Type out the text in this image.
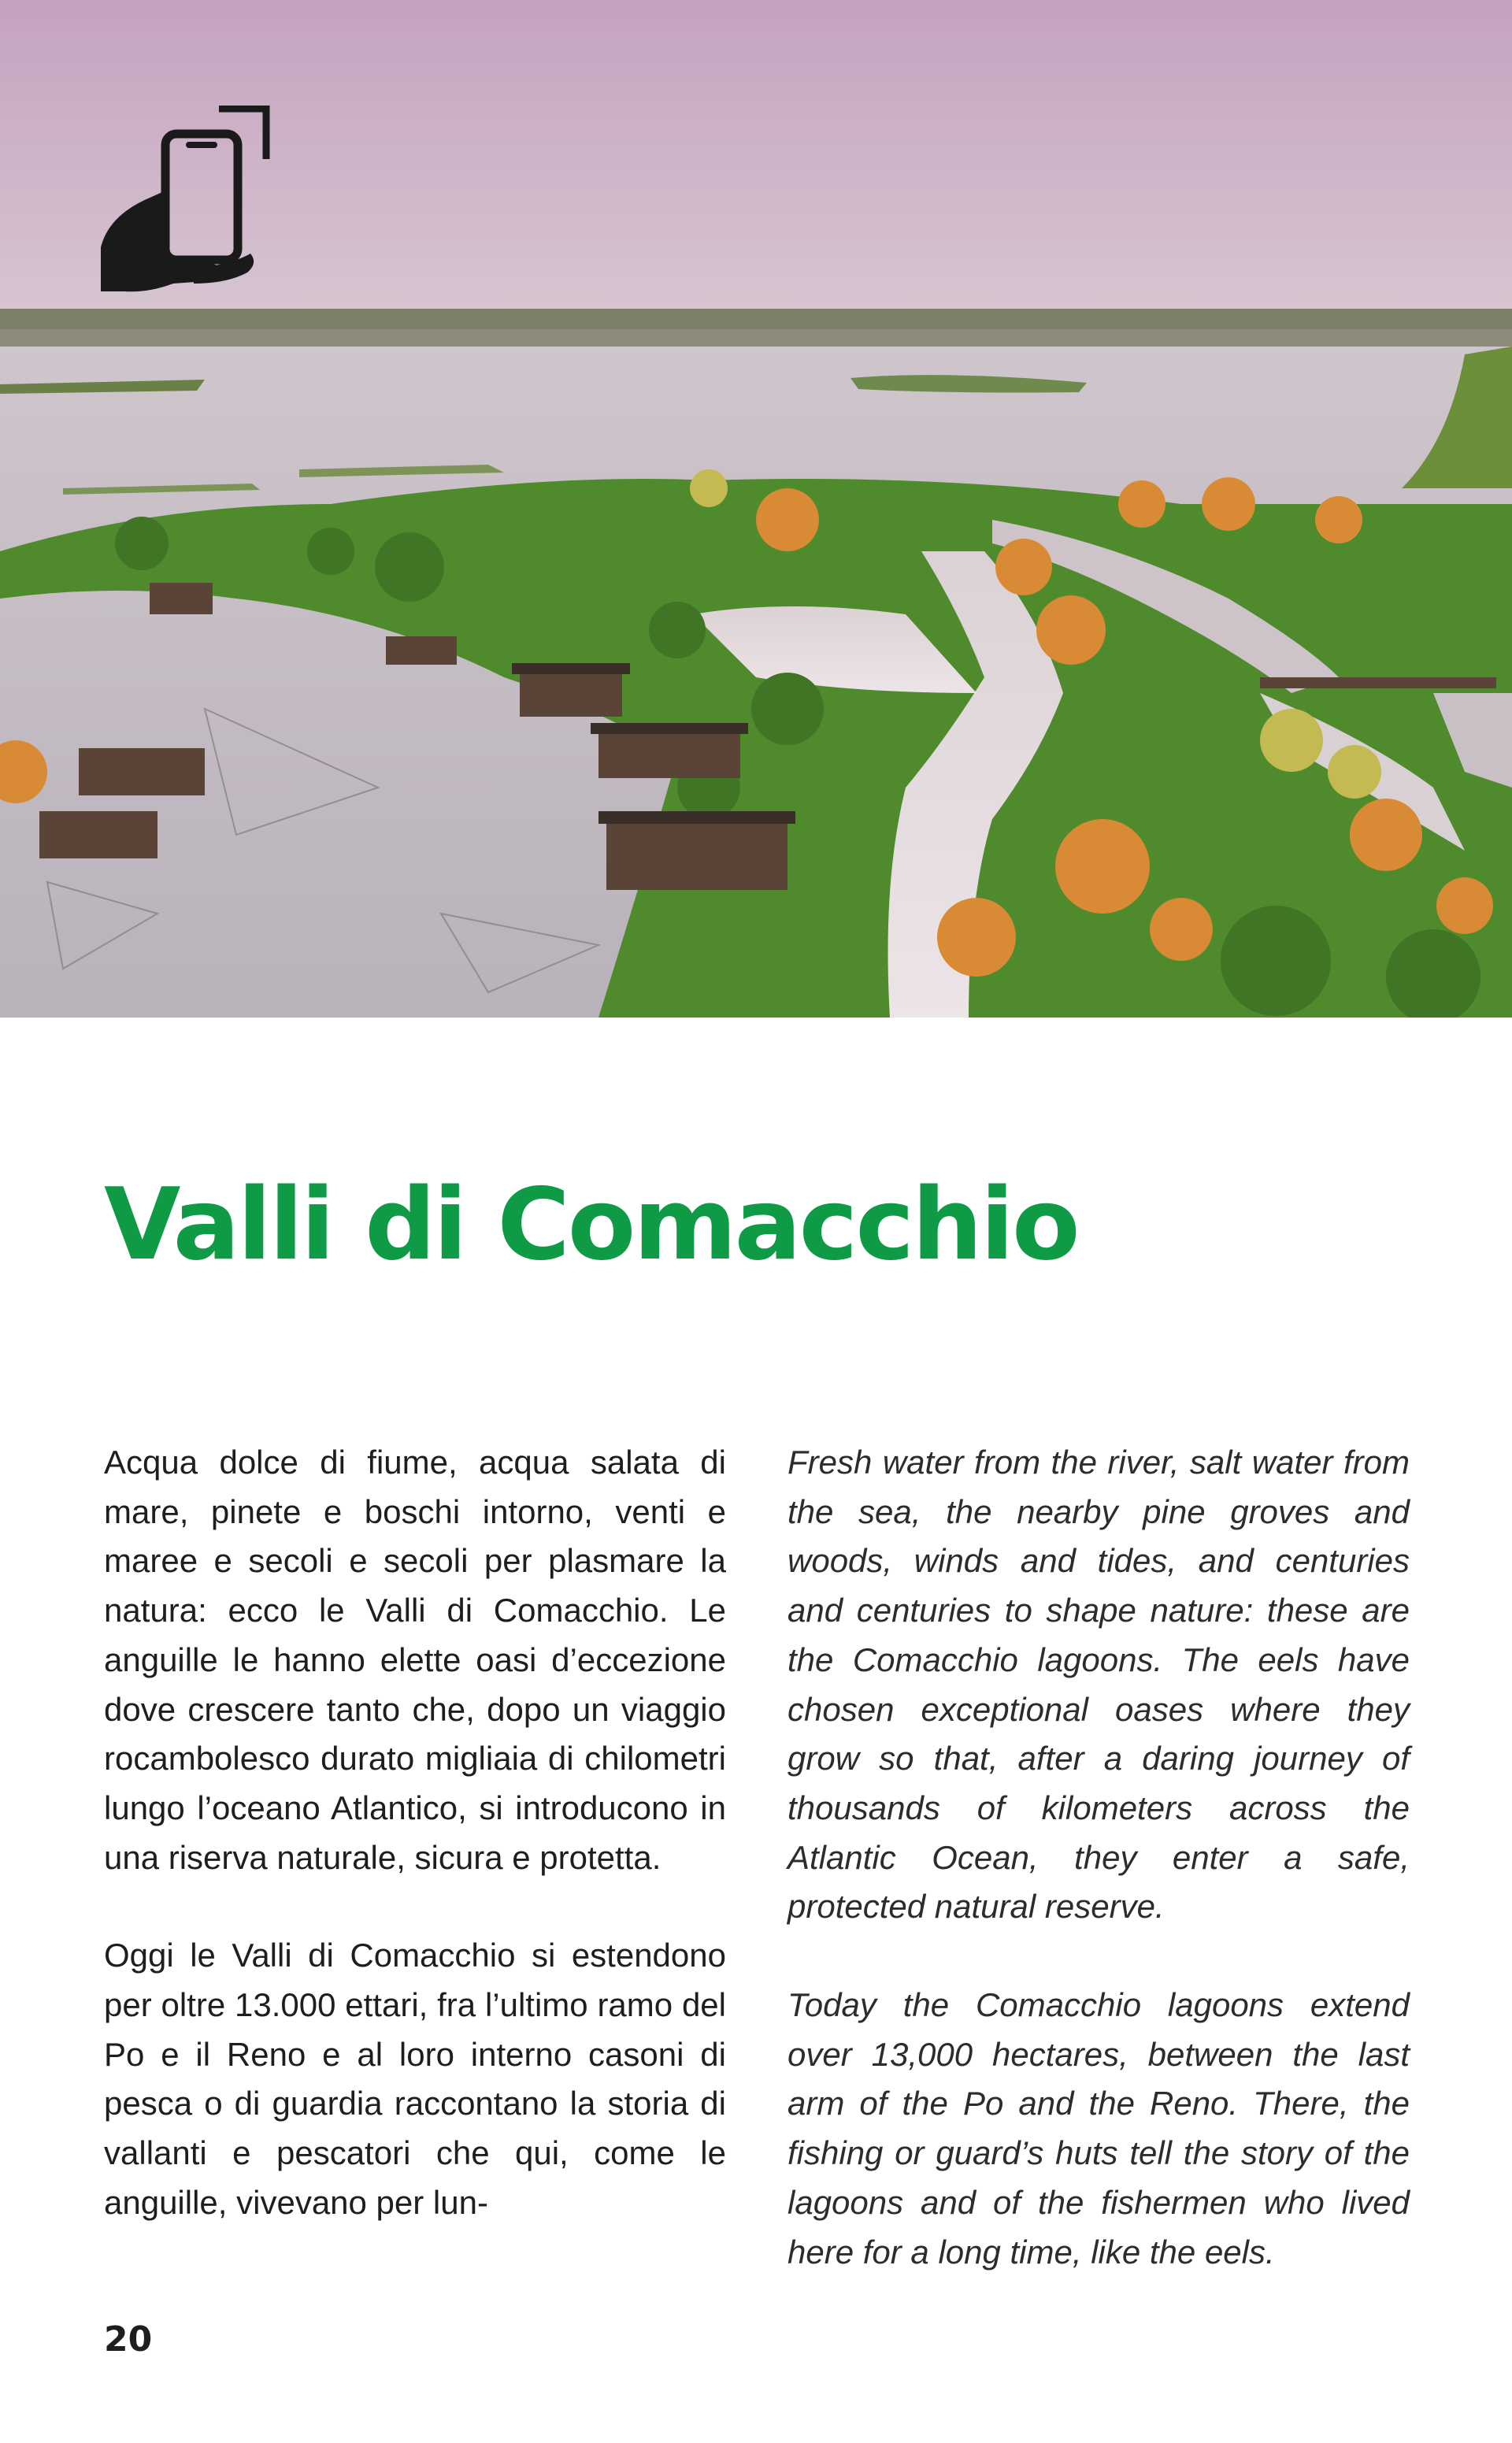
Valli di Comacchio

Acqua dolce di fiume, acqua salata di mare, pinete e boschi intorno, venti e maree e secoli e secoli per plasmare la natura: ecco le Valli di Comacchio. Le anguille le hanno elette oasi d’eccezione dove crescere tanto che, dopo un viaggio rocambolesco durato migliaia di chilometri lungo l’oceano Atlantico, si introducono in una riserva naturale, sicura e protetta.

Oggi le Valli di Comacchio si estendono per oltre 13.000 ettari, fra l’ultimo ramo del Po e il Reno e al loro interno casoni di pesca o di guardia raccontano la storia di vallanti e pescatori che qui, come le anguille, vivevano per lun-

Fresh water from the river, salt water from the sea, the nearby pine groves and woods, winds and tides, and centuries and centuries to shape nature: these are the Comacchio lagoons. The eels have chosen exceptional oases where they grow so that, after a daring journey of thousands of kilometers across the Atlantic Ocean, they enter a safe, protected natural reserve.

Today the Comacchio lagoons extend over 13,000 hectares, between the last arm of the Po and the Reno. There, the fishing or guard’s huts tell the story of the lagoons and of the fishermen who lived here for a long time, like the eels.

20
